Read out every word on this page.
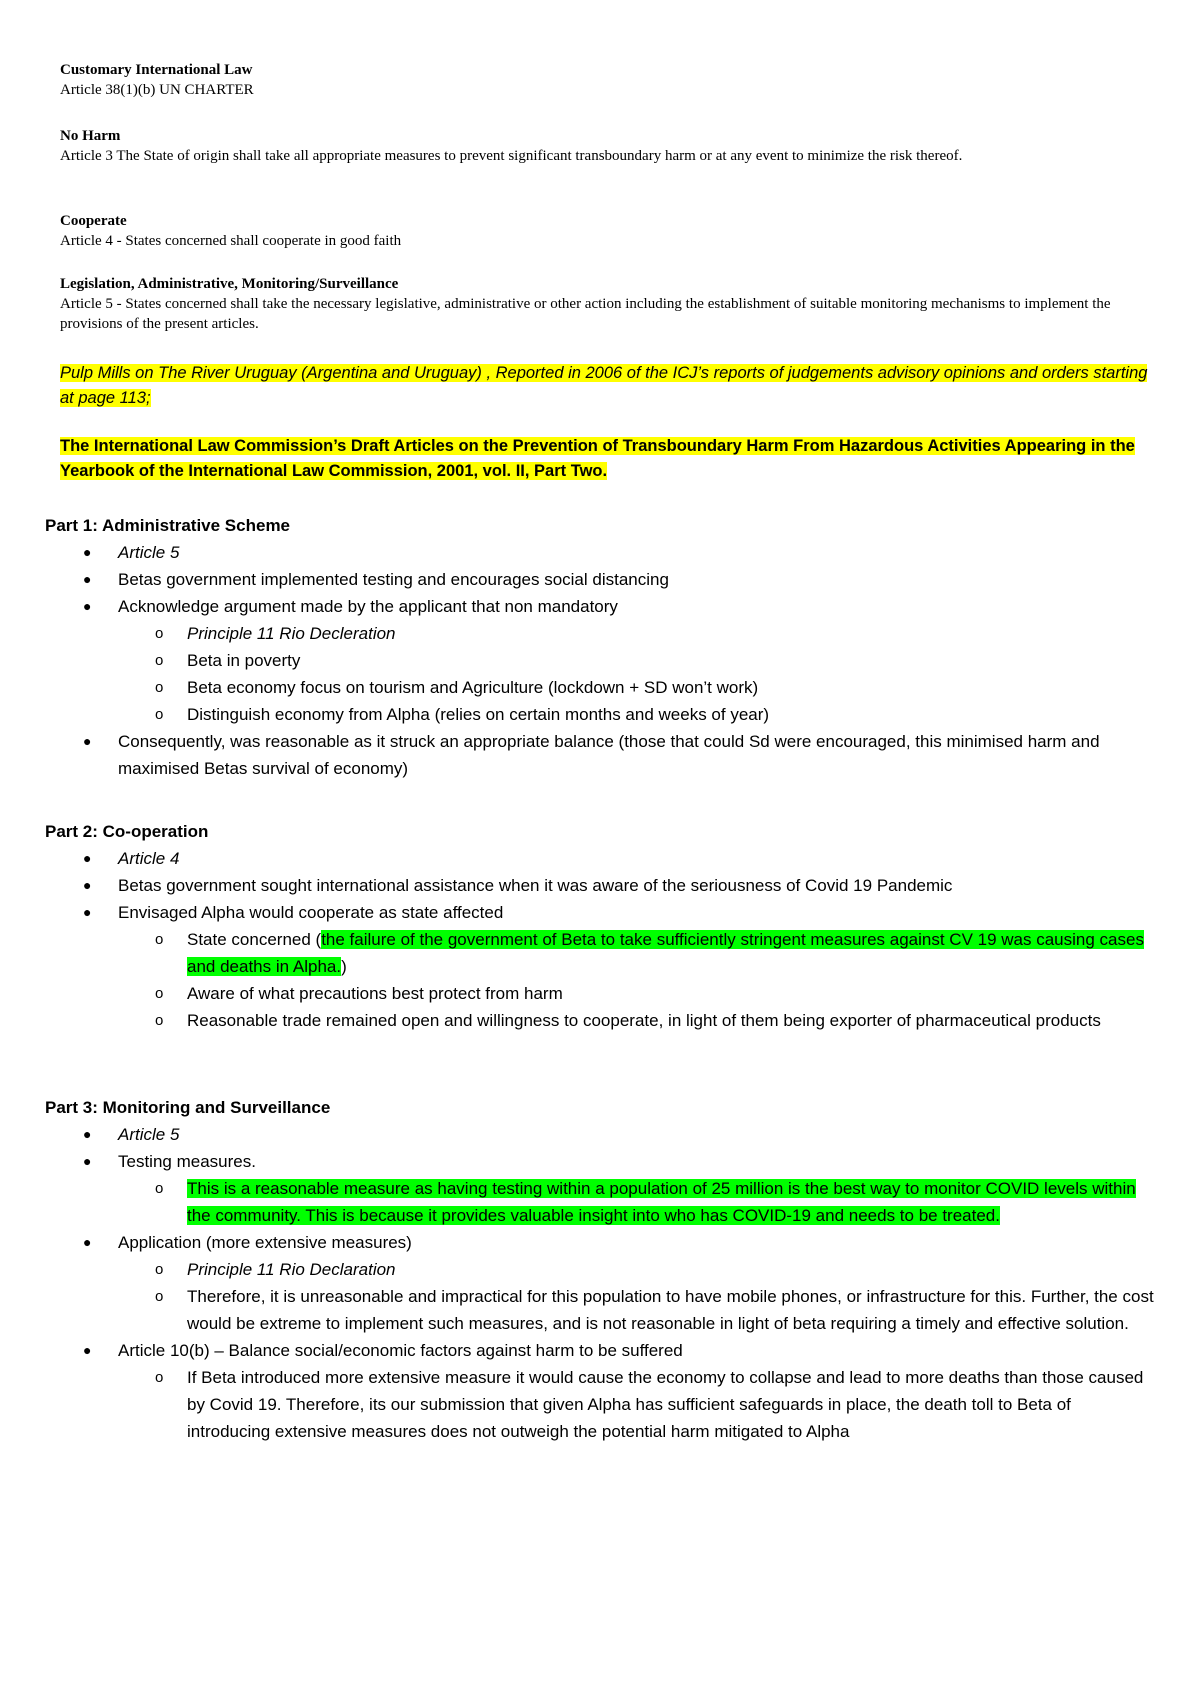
Customary International Law
Article 38(1)(b) UN CHARTER
No Harm
Article 3 The State of origin shall take all appropriate measures to prevent significant transboundary harm or at any event to minimize the risk thereof.
Cooperate
Article 4 - States concerned shall cooperate in good faith
Legislation, Administrative, Monitoring/Surveillance
Article 5 - States concerned shall take the necessary legislative, administrative or other action including the establishment of suitable monitoring mechanisms to implement the provisions of the present articles.
Pulp Mills on The River Uruguay (Argentina and Uruguay) , Reported in 2006 of the ICJ’s reports of judgements advisory opinions and orders starting at page 113;
The International Law Commission’s Draft Articles on the Prevention of Transboundary Harm From Hazardous Activities Appearing in the Yearbook of the International Law Commission, 2001, vol. II, Part Two.
Part 1: Administrative Scheme
● Article 5
● Betas government implemented testing and encourages social distancing
● Acknowledge argument made by the applicant that non mandatory
o Principle 11 Rio Decleration
o Beta in poverty
o Beta economy focus on tourism and Agriculture (lockdown + SD won’t work)
o Distinguish economy from Alpha (relies on certain months and weeks of year)
● Consequently, was reasonable as it struck an appropriate balance (those that could Sd were encouraged, this minimised harm and maximised Betas survival of economy)
Part 2: Co-operation
● Article 4
● Betas government sought international assistance when it was aware of the seriousness of Covid 19 Pandemic
● Envisaged Alpha would cooperate as state affected
o State concerned (the failure of the government of Beta to take sufficiently stringent measures against CV 19 was causing cases and deaths in Alpha.)
o Aware of what precautions best protect from harm
o Reasonable trade remained open and willingness to cooperate, in light of them being exporter of pharmaceutical products
Part 3: Monitoring and Surveillance
● Article 5
● Testing measures.
o This is a reasonable measure as having testing within a population of 25 million is the best way to monitor COVID levels within the community. This is because it provides valuable insight into who has COVID-19 and needs to be treated.
● Application (more extensive measures)
o Principle 11 Rio Declaration
o Therefore, it is unreasonable and impractical for this population to have mobile phones, or infrastructure for this. Further, the cost would be extreme to implement such measures, and is not reasonable in light of beta requiring a timely and effective solution.
● Article 10(b) – Balance social/economic factors against harm to be suffered
o If Beta introduced more extensive measure it would cause the economy to collapse and lead to more deaths than those caused by Covid 19. Therefore, its our submission that given Alpha has sufficient safeguards in place, the death toll to Beta of introducing extensive measures does not outweigh the potential harm mitigated to Alpha
